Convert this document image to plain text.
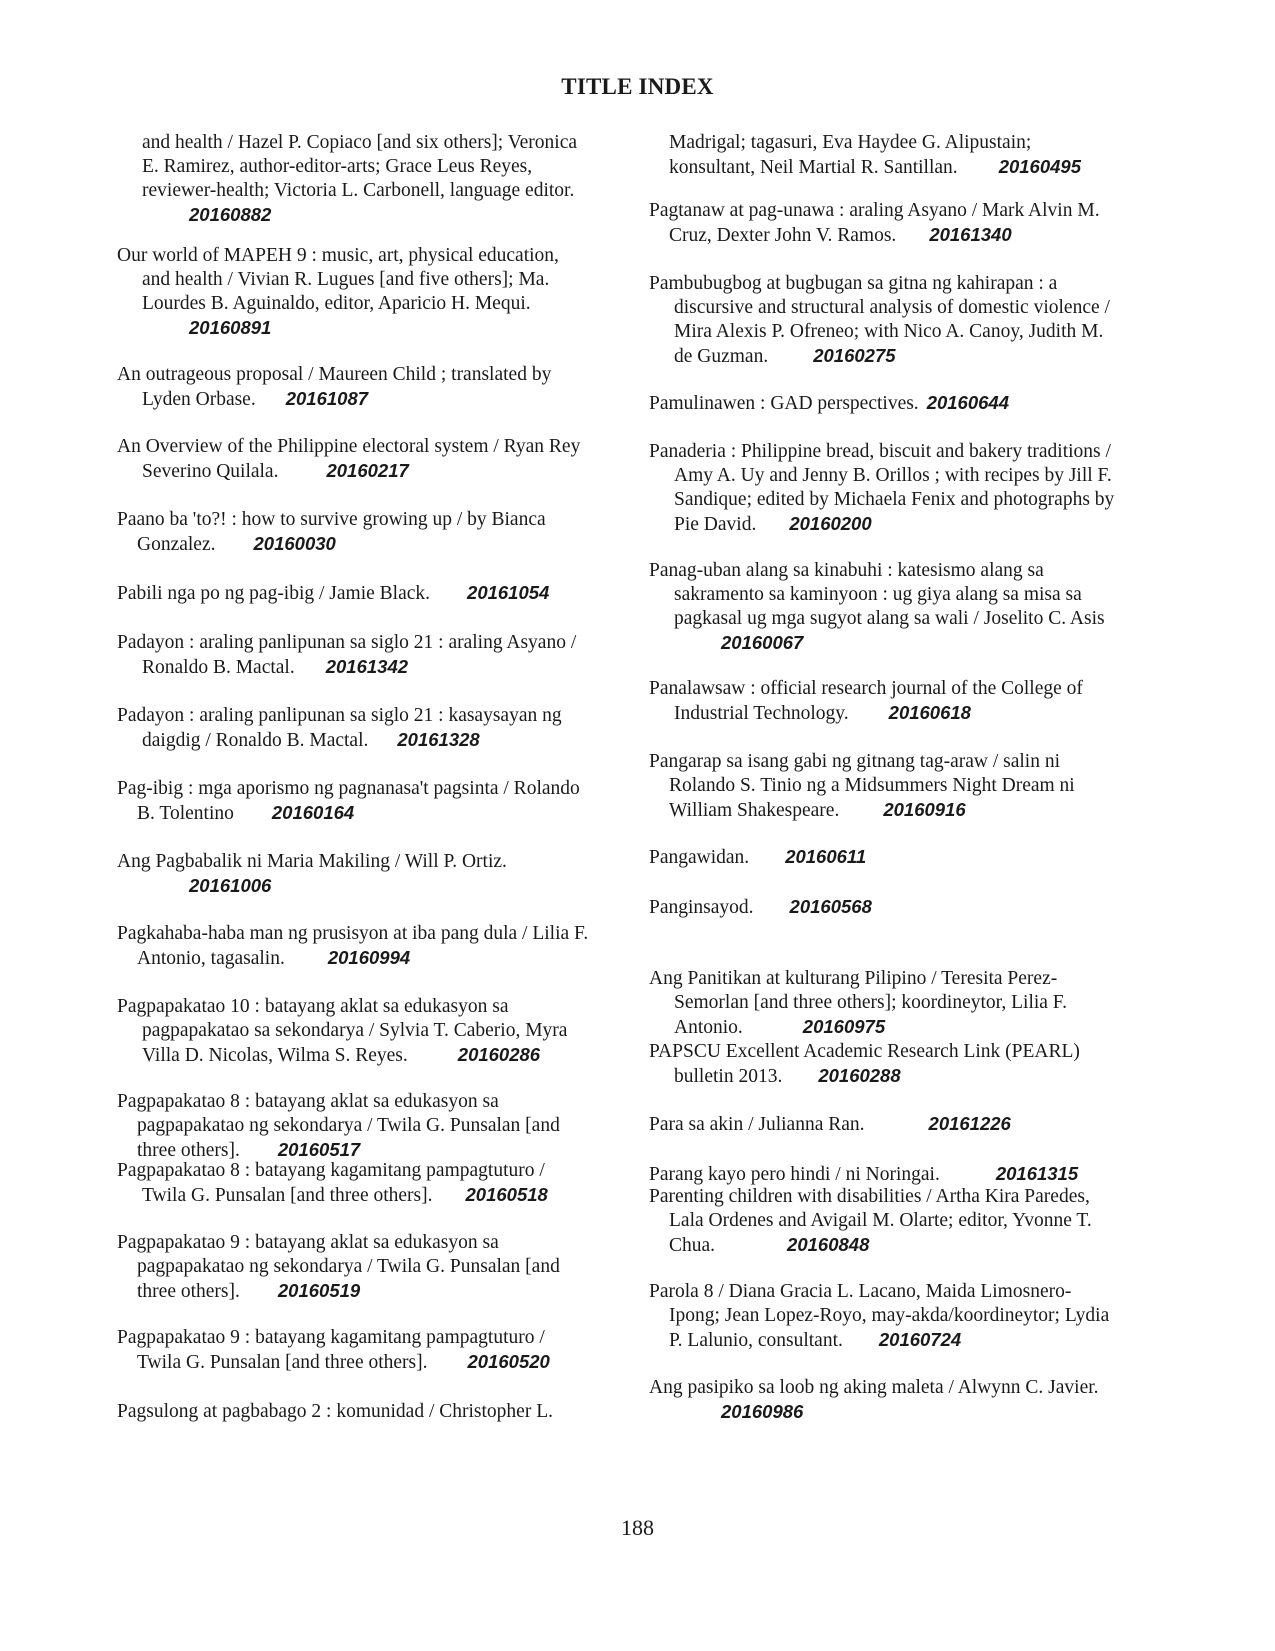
TITLE INDEX
and health / Hazel P. Copiaco [and six others]; Veronica
E. Ramirez, author-editor-arts; Grace Leus Reyes,
reviewer-health; Victoria L. Carbonell, language editor.
20160882
Our world of MAPEH 9 : music, art, physical education,
and health / Vivian R. Lugues [and five others]; Ma.
Lourdes B. Aguinaldo, editor, Aparicio H. Mequi.
20160891
An outrageous proposal / Maureen Child ; translated by
Lyden Orbase. 20161087
An Overview of the Philippine electoral system / Ryan Rey
Severino Quilala.	20160217
Paano ba 'to?! : how to survive growing up / by Bianca
Gonzalez. 20160030
Pabili nga po ng pag-ibig / Jamie Black. 20161054
Padayon : araling panlipunan sa siglo 21 : araling Asyano /
Ronaldo B. Mactal. 20161342
Padayon : araling panlipunan sa siglo 21 : kasaysayan ng
daigdig / Ronaldo B. Mactal. 20161328
Pag-ibig : mga aporismo ng pagnanasa't pagsinta / Rolando
B. Tolentino 20160164
Ang Pagbabalik ni Maria Makiling / Will P. Ortiz.
20161006
Pagkahaba-haba man ng prusisyon at iba pang dula / Lilia F.
Antonio, tagasalin. 20160994
Pagpapakatao 10 : batayang aklat sa edukasyon sa
pagpapakatao sa sekondarya / Sylvia T. Caberio, Myra
Villa D. Nicolas, Wilma S. Reyes.	20160286
Pagpapakatao 8 : batayang aklat sa edukasyon sa
pagpapakatao ng sekondarya / Twila G. Punsalan [and
three others]. 20160517
Pagpapakatao 8 : batayang kagamitang pampagtuturo /
Twila G. Punsalan [and three others]. 20160518
Pagpapakatao 9 : batayang aklat sa edukasyon sa
pagpapakatao ng sekondarya / Twila G. Punsalan [and
three others]. 20160519
Pagpapakatao 9 : batayang kagamitang pampagtuturo /
Twila G. Punsalan [and three others]. 20160520
Pagsulong at pagbabago 2 : komunidad / Christopher L.
Madrigal; tagasuri, Eva Haydee G. Alipustain;
konsultant, Neil Martial R. Santillan. 20160495
Pagtanaw at pag-unawa : araling Asyano / Mark Alvin M.
Cruz, Dexter John V. Ramos. 20161340
Pambubugbog at bugbugan sa gitna ng kahirapan : a
discursive and structural analysis of domestic violence /
Mira Alexis P. Ofreneo; with Nico A. Canoy, Judith M.
de Guzman. 20160275
Pamulinawen : GAD perspectives. 20160644
Panaderia : Philippine bread, biscuit and bakery traditions /
Amy A. Uy and Jenny B. Orillos ; with recipes by Jill F.
Sandique; edited by Michaela Fenix and photographs by
Pie David. 20160200
Panag-uban alang sa kinabuhi : katesismo alang sa
sakramento sa kaminyoon : ug giya alang sa misa sa
pagkasal ug mga sugyot alang sa wali / Joselito C. Asis
20160067
Panalawsaw : official research journal of the College of
Industrial Technology. 20160618
Pangarap sa isang gabi ng gitnang tag-araw / salin ni
Rolando S. Tinio ng a Midsummers Night Dream ni
William Shakespeare. 20160916
Pangawidan. 20160611
Panginsayod. 20160568
Ang Panitikan at kulturang Pilipino / Teresita Perez-
Semorlan [and three others]; koordineytor, Lilia F.
Antonio.	20160975
PAPSCU Excellent Academic Research Link (PEARL)
bulletin 2013. 20160288
Para sa akin / Julianna Ran.	20161226
Parang kayo pero hindi / ni Noringai.	20161315
Parenting children with disabilities / Artha Kira Paredes,
Lala Ordenes and Avigail M. Olarte; editor, Yvonne T.
Chua.	20160848
Parola 8 / Diana Gracia L. Lacano, Maida Limosnero-
Ipong; Jean Lopez-Royo, may-akda/koordineytor; Lydia
P. Lalunio, consultant. 20160724
Ang pasipiko sa loob ng aking maleta / Alwynn C. Javier.
20160986
188
